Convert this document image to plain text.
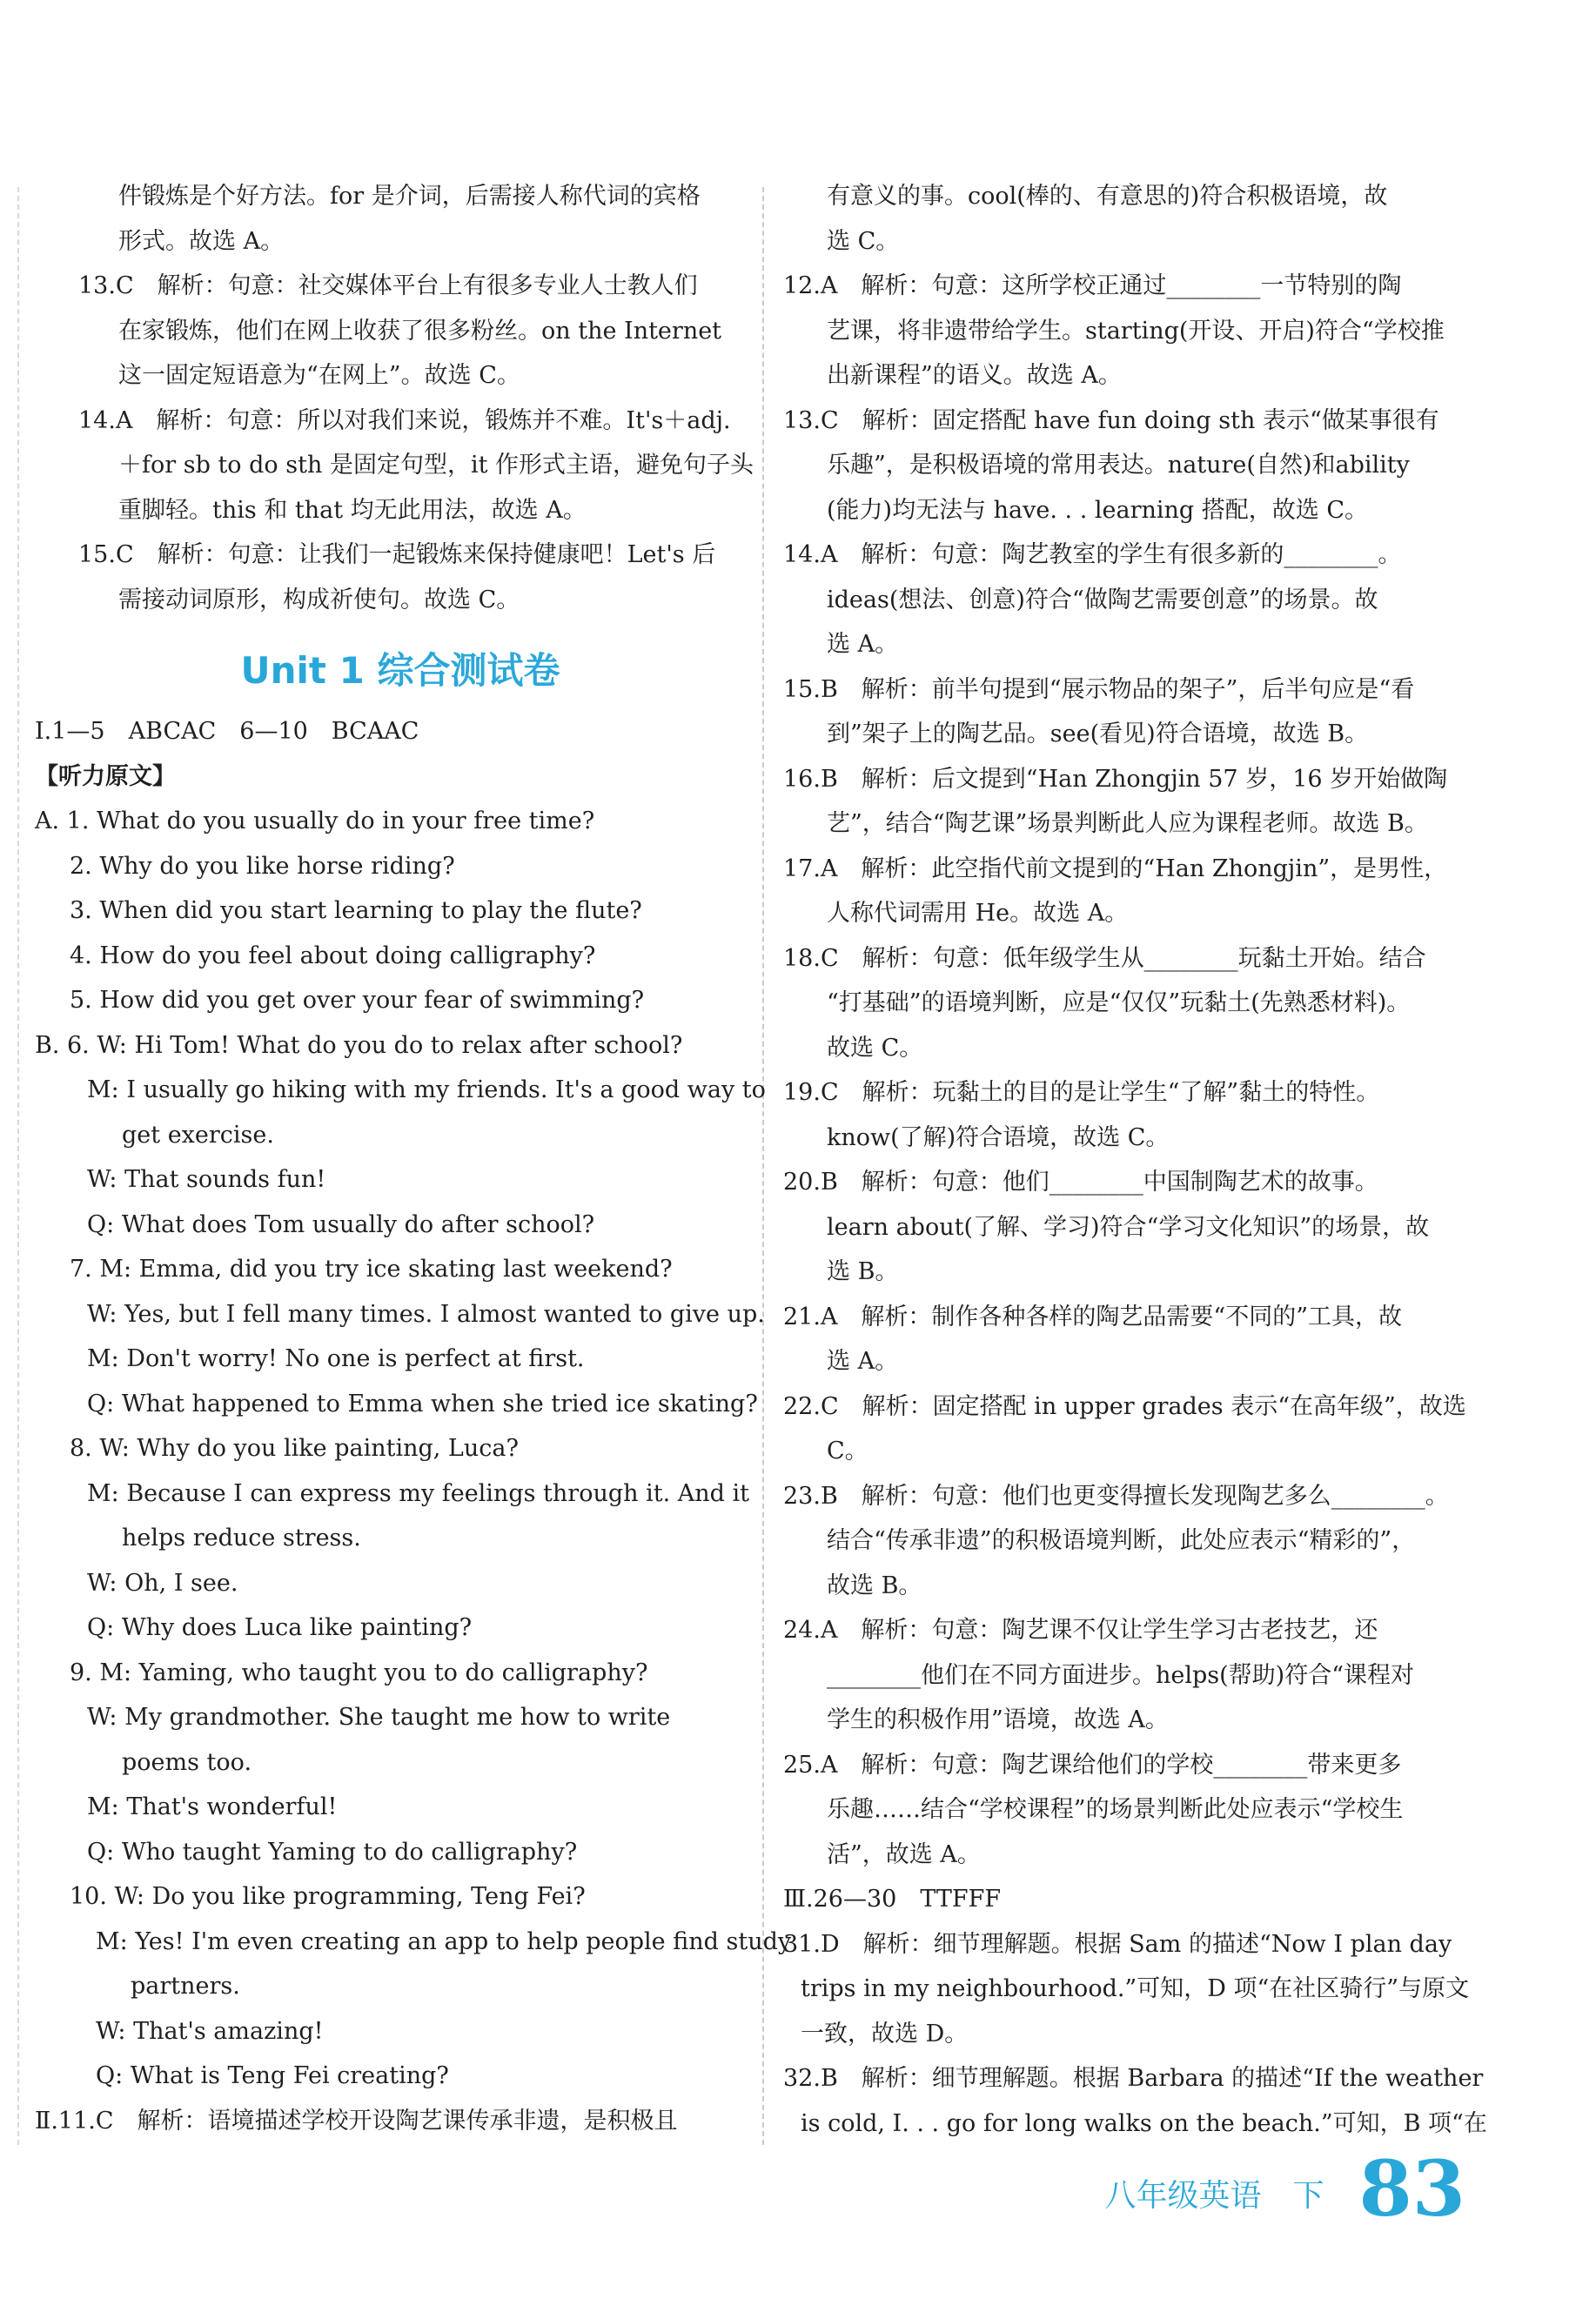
件锻炼是个好方法。for 是介词，后需接人称代词的宾格
形式。故选 A。
13.C　解析：句意：社交媒体平台上有很多专业人士教人们
在家锻炼，他们在网上收获了很多粉丝。on the Internet
这一固定短语意为“在网上”。故选 C。
14.A　解析：句意：所以对我们来说，锻炼并不难。It's＋adj.
＋for sb to do sth 是固定句型，it 作形式主语，避免句子头
重脚轻。this 和 that 均无此用法，故选 A。
15.C　解析：句意：让我们一起锻炼来保持健康吧！Let's 后
需接动词原形，构成祈使句。故选 C。
Unit 1 综合测试卷
Ⅰ.1—5　ABCAC　6—10　BCAAC
【听力原文】
A. 1. What do you usually do in your free time?
2. Why do you like horse riding?
3. When did you start learning to play the flute?
4. How do you feel about doing calligraphy?
5. How did you get over your fear of swimming?
B. 6. W: Hi Tom! What do you do to relax after school?
M: I usually go hiking with my friends. It's a good way to
get exercise.
W: That sounds fun!
Q: What does Tom usually do after school?
7. M: Emma, did you try ice skating last weekend?
W: Yes, but I fell many times. I almost wanted to give up.
M: Don't worry! No one is perfect at first.
Q: What happened to Emma when she tried ice skating?
8. W: Why do you like painting, Luca?
M: Because I can express my feelings through it. And it
helps reduce stress.
W: Oh, I see.
Q: Why does Luca like painting?
9. M: Yaming, who taught you to do calligraphy?
W: My grandmother. She taught me how to write
poems too.
M: That's wonderful!
Q: Who taught Yaming to do calligraphy?
10. W: Do you like programming, Teng Fei?
M: Yes! I'm even creating an app to help people find study
partners.
W: That's amazing!
Q: What is Teng Fei creating?
Ⅱ.11.C　解析：语境描述学校开设陶艺课传承非遗，是积极且
有意义的事。cool(棒的、有意思的)符合积极语境，故
选 C。
12.A　解析：句意：这所学校正通过________一节特别的陶
艺课，将非遗带给学生。starting(开设、开启)符合“学校推
出新课程”的语义。故选 A。
13.C　解析：固定搭配 have fun doing sth 表示“做某事很有
乐趣”，是积极语境的常用表达。nature(自然)和ability
(能力)均无法与 have. . . learning 搭配，故选 C。
14.A　解析：句意：陶艺教室的学生有很多新的________。
ideas(想法、创意)符合“做陶艺需要创意”的场景。故
选 A。
15.B　解析：前半句提到“展示物品的架子”，后半句应是“看
到”架子上的陶艺品。see(看见)符合语境，故选 B。
16.B　解析：后文提到“Han Zhongjin 57 岁，16 岁开始做陶
艺”，结合“陶艺课”场景判断此人应为课程老师。故选 B。
17.A　解析：此空指代前文提到的“Han Zhongjin”，是男性，
人称代词需用 He。故选 A。
18.C　解析：句意：低年级学生从________玩黏土开始。结合
“打基础”的语境判断，应是“仅仅”玩黏土(先熟悉材料)。
故选 C。
19.C　解析：玩黏土的目的是让学生“了解”黏土的特性。
know(了解)符合语境，故选 C。
20.B　解析：句意：他们________中国制陶艺术的故事。
learn about(了解、学习)符合“学习文化知识”的场景，故
选 B。
21.A　解析：制作各种各样的陶艺品需要“不同的”工具，故
选 A。
22.C　解析：固定搭配 in upper grades 表示“在高年级”，故选
C。
23.B　解析：句意：他们也更变得擅长发现陶艺多么________。
结合“传承非遗”的积极语境判断，此处应表示“精彩的”，
故选 B。
24.A　解析：句意：陶艺课不仅让学生学习古老技艺，还
________他们在不同方面进步。helps(帮助)符合“课程对
学生的积极作用”语境，故选 A。
25.A　解析：句意：陶艺课给他们的学校________带来更多
乐趣……结合“学校课程”的场景判断此处应表示“学校生
活”，故选 A。
Ⅲ.26—30　TTFFF
31.D　解析：细节理解题。根据 Sam 的描述“Now I plan day
trips in my neighbourhood.”可知，D 项“在社区骑行”与原文
一致，故选 D。
32.B　解析：细节理解题。根据 Barbara 的描述“If the weather
is cold, I. . . go for long walks on the beach.”可知，B 项“在
八年级英语　下 83
